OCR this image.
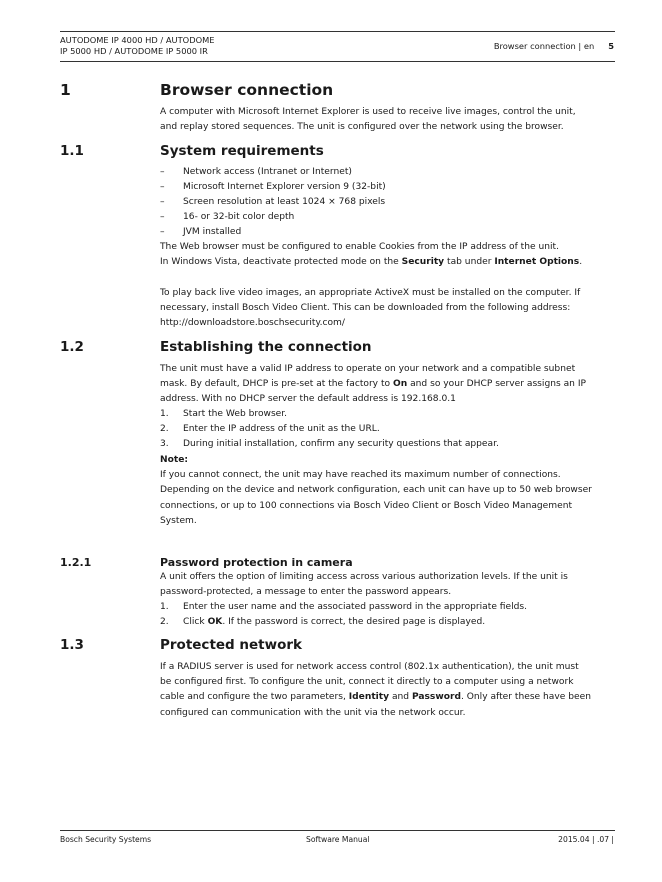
AUTODOME IP 4000 HD / AUTODOME
IP 5000 HD / AUTODOME IP 5000 IR	Browser connection | en 5
1	Browser connection
A computer with Microsoft Internet Explorer is used to receive live images, control the unit,
and replay stored sequences. The unit is configured over the network using the browser.
1.1	System requirements
– Network access (Intranet or Internet)
– Microsoft Internet Explorer version 9 (32-bit)
– Screen resolution at least 1024 × 768 pixels
– 16- or 32-bit color depth
– JVM installed
The Web browser must be configured to enable Cookies from the IP address of the unit.
In Windows Vista, deactivate protected mode on the Security tab under Internet Options.
To play back live video images, an appropriate ActiveX must be installed on the computer. If
necessary, install Bosch Video Client. This can be downloaded from the following address:
http://downloadstore.boschsecurity.com/
1.2	Establishing the connection
The unit must have a valid IP address to operate on your network and a compatible subnet
mask. By default, DHCP is pre-set at the factory to On and so your DHCP server assigns an IP
address. With no DHCP server the default address is 192.168.0.1
1. Start the Web browser.
2. Enter the IP address of the unit as the URL.
3. During initial installation, confirm any security questions that appear.
Note:
If you cannot connect, the unit may have reached its maximum number of connections.
Depending on the device and network configuration, each unit can have up to 50 web browser
connections, or up to 100 connections via Bosch Video Client or Bosch Video Management
System.
1.2.1	Password protection in camera
A unit offers the option of limiting access across various authorization levels. If the unit is
password-protected, a message to enter the password appears.
1. Enter the user name and the associated password in the appropriate fields.
2. Click OK. If the password is correct, the desired page is displayed.
1.3	Protected network
If a RADIUS server is used for network access control (802.1x authentication), the unit must
be configured first. To configure the unit, connect it directly to a computer using a network
cable and configure the two parameters, Identity and Password. Only after these have been
configured can communication with the unit via the network occur.
Bosch Security Systems	Software Manual	2015.04 | .07 |
